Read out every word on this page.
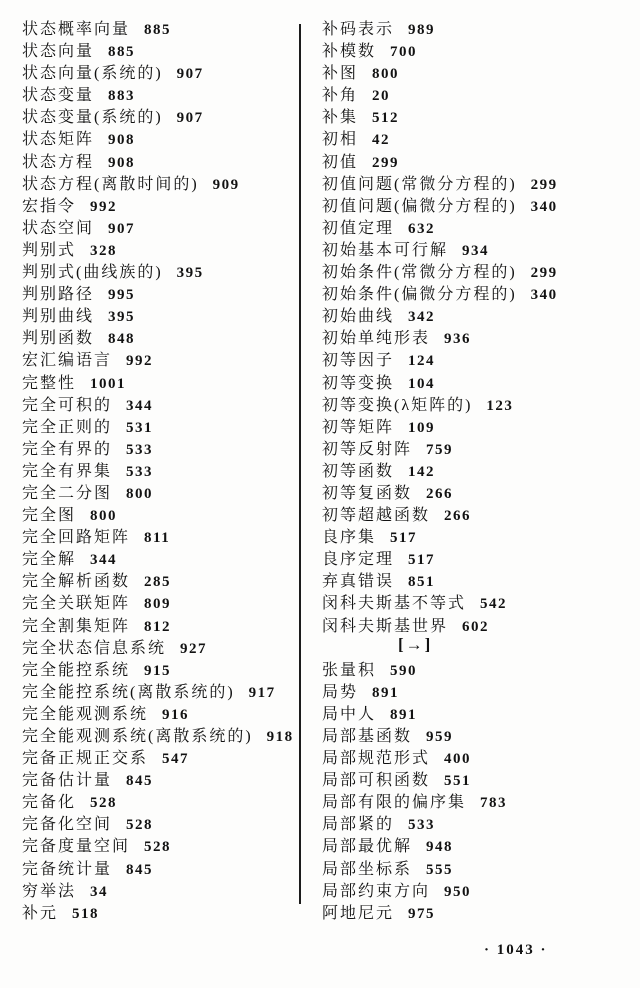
状态概率向量 885
状态向量 885
状态向量(系统的) 907
状态变量 883
状态变量(系统的) 907
状态矩阵 908
状态方程 908
状态方程(离散时间的) 909
宏指令 992
状态空间 907
判别式 328
判别式(曲线族的) 395
判别路径 995
判别曲线 395
判别函数 848
宏汇编语言 992
完整性 1001
完全可积的 344
完全正则的 531
完全有界的 533
完全有界集 533
完全二分图 800
完全图 800
完全回路矩阵 811
完全解 344
完全解析函数 285
完全关联矩阵 809
完全割集矩阵 812
完全状态信息系统 927
完全能控系统 915
完全能控系统(离散系统的) 917
完全能观测系统 916
完全能观测系统(离散系统的) 918
完备正规正交系 547
完备估计量 845
完备化 528
完备化空间 528
完备度量空间 528
完备统计量 845
穷举法 34
补元 518
补码表示 989
补模数 700
补图 800
补角 20
补集 512
初相 42
初值 299
初值问题(常微分方程的) 299
初值问题(偏微分方程的) 340
初值定理 632
初始基本可行解 934
初始条件(常微分方程的) 299
初始条件(偏微分方程的) 340
初始曲线 342
初始单纯形表 936
初等因子 124
初等变换 104
初等变换(λ矩阵的) 123
初等矩阵 109
初等反射阵 759
初等函数 142
初等复函数 266
初等超越函数 266
良序集 517
良序定理 517
弃真错误 851
闵科夫斯基不等式 542
闵科夫斯基世界 602
[→]
张量积 590
局势 891
局中人 891
局部基函数 959
局部规范形式 400
局部可积函数 551
局部有限的偏序集 783
局部紧的 533
局部最优解 948
局部坐标系 555
局部约束方向 950
阿地尼元 975
· 1043 ·
